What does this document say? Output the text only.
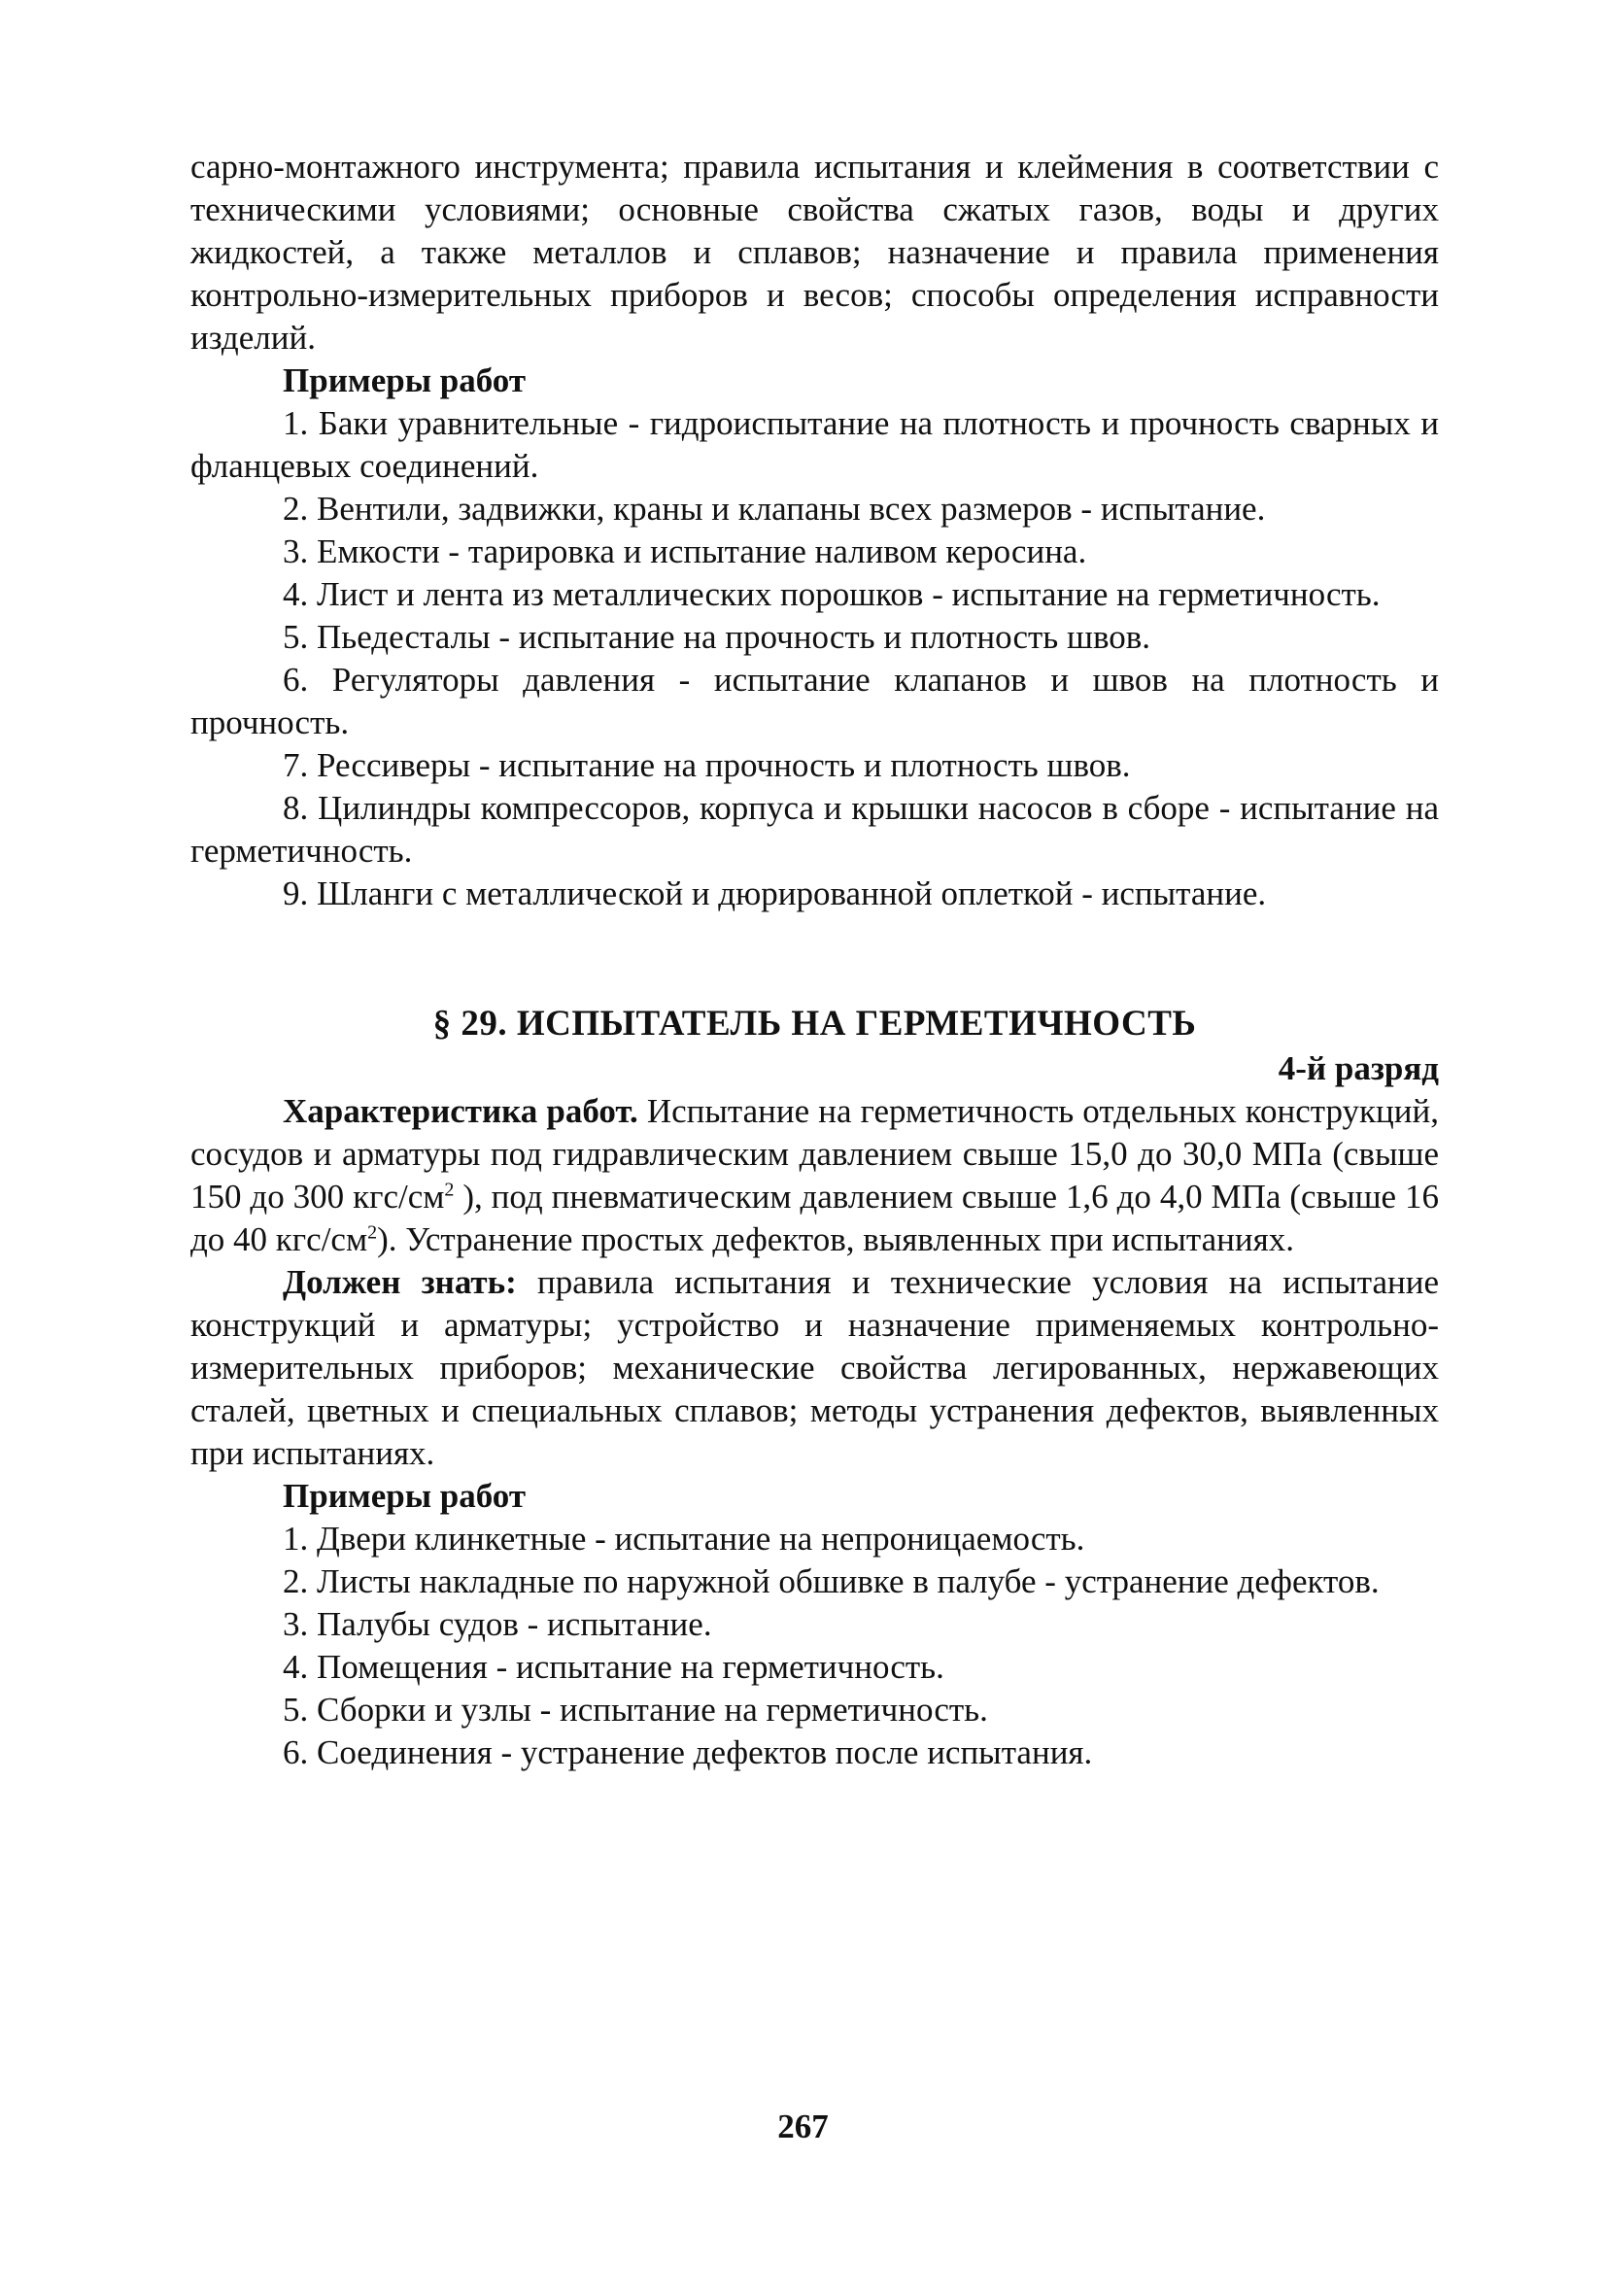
сарно-монтажного инструмента; правила испытания и клеймения в соответствии с техническими условиями; основные свойства сжатых газов, воды и других жидкостей, а также металлов и сплавов; назначение и правила применения контрольно-измерительных приборов и весов; способы определения исправности изделий.

Примеры работ

1. Баки уравнительные - гидроиспытание на плотность и прочность сварных и фланцевых соединений.

2. Вентили, задвижки, краны и клапаны всех размеров - испытание.

3. Емкости - тарировка и испытание наливом керосина.

4. Лист и лента из металлических порошков - испытание на герметичность.

5. Пьедесталы - испытание на прочность и плотность швов.

6. Регуляторы давления - испытание клапанов и швов на плотность и прочность.

7. Рессиверы - испытание на прочность и плотность швов.

8. Цилиндры компрессоров, корпуса и крышки насосов в сборе - испытание на герметичность.

9. Шланги с металлической и дюрированной оплеткой - испытание.

§ 29. ИСПЫТАТЕЛЬ НА ГЕРМЕТИЧНОСТЬ
4-й разряд

Характеристика работ. Испытание на герметичность отдельных конструкций, сосудов и арматуры под гидравлическим давлением свыше 15,0 до 30,0 МПа (свыше 150 до 300 кгс/$см^2$ ), под пневматическим давлением свыше 1,6 до 4,0 МПа (свыше 16 до 40 кгс/$см^2$). Устранение простых дефектов, выявленных при испытаниях.

Должен знать: правила испытания и технические условия на испытание конструкций и арматуры; устройство и назначение применяемых контрольно-измерительных приборов; механические свойства легированных, нержавеющих сталей, цветных и специальных сплавов; методы устранения дефектов, выявленных при испытаниях.

Примеры работ

1. Двери клинкетные - испытание на непроницаемость.

2. Листы накладные по наружной обшивке в палубе - устранение дефектов.

3. Палубы судов - испытание.

4. Помещения - испытание на герметичность.

5. Сборки и узлы - испытание на герметичность.

6. Соединения - устранение дефектов после испытания.

267
